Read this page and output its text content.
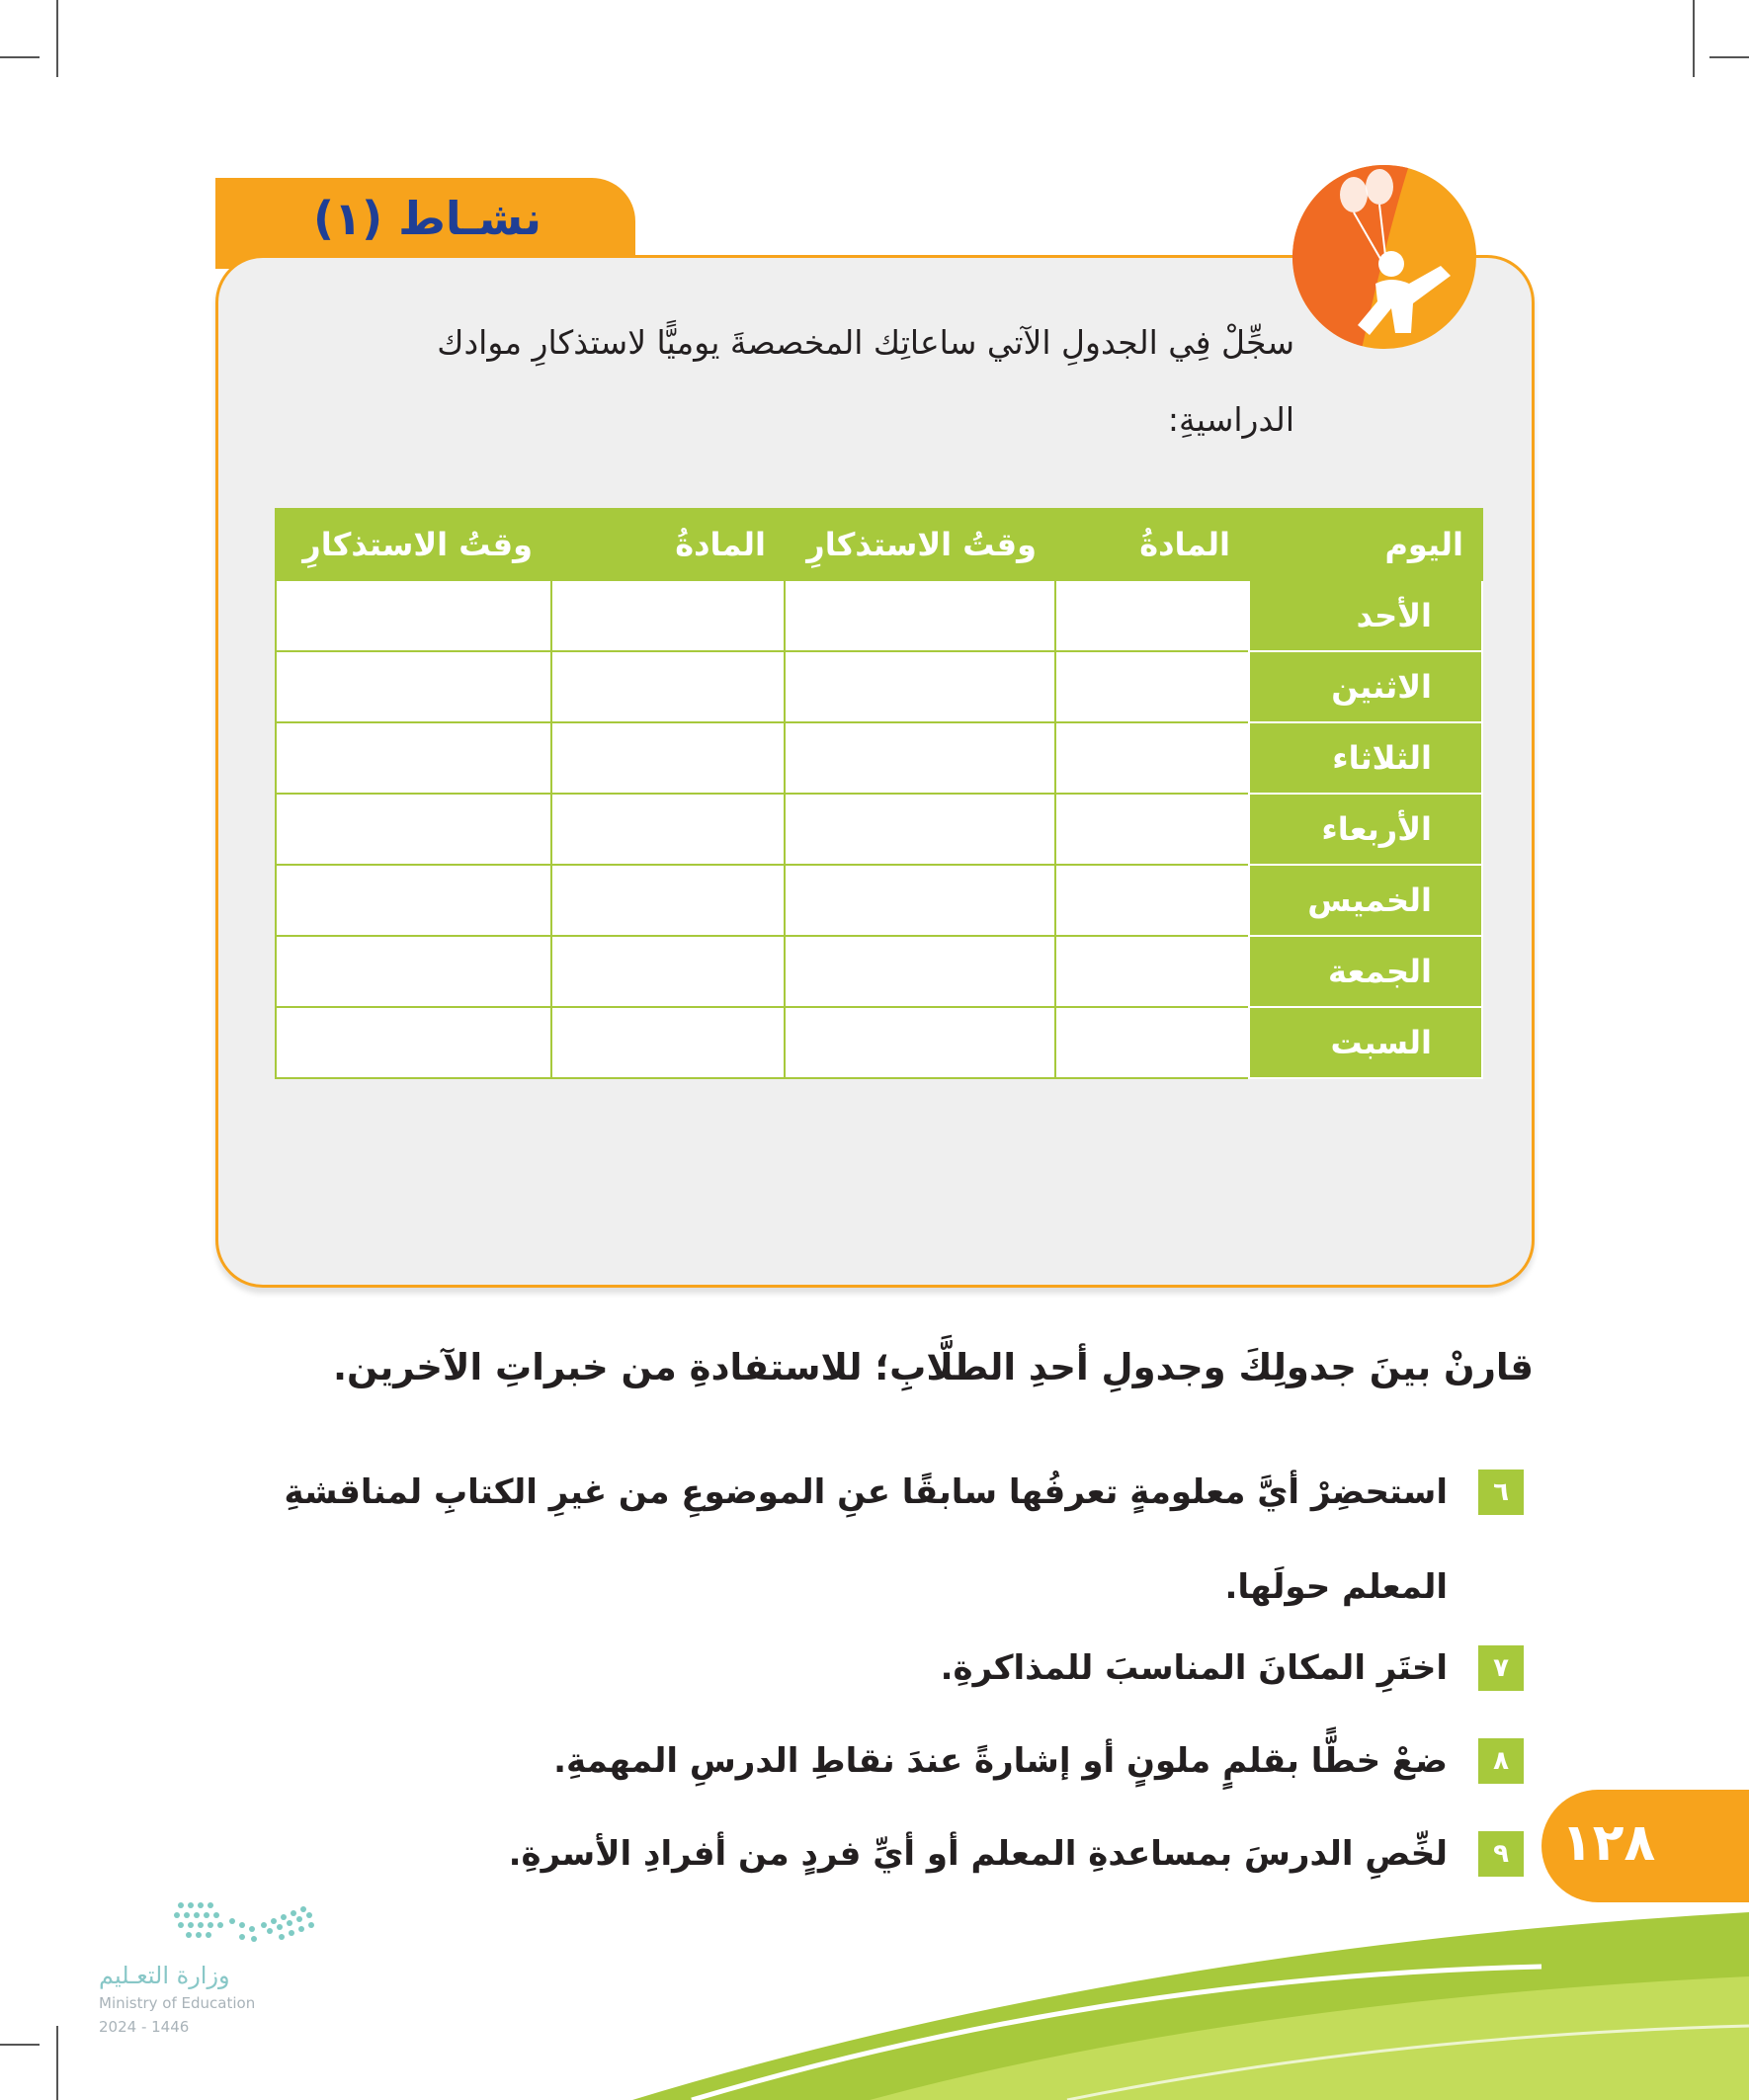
نشـاط (١)
سجِّلْ فِي الجدولِ الآتي ساعاتِك المخصصةَ يوميًّا لاستذكارِ موادك الدراسيةِ:
اليوم	المادةُ	وقتُ الاستذكارِ	المادةُ	وقتُ الاستذكارِ
الأحد				
الاثنين				
الثلاثاء				
الأربعاء				
الخميس				
الجمعة				
السبت				
قارنْ بينَ جدولِكَ وجدولِ أحدِ الطلَّابِ؛ للاستفادةِ من خبراتِ الآخرين.
٦
استحضِرْ أيَّ معلومةٍ تعرفُها سابقًا عنِ الموضوعِ من غيرِ الكتابِ لمناقشةِ المعلم حولَها.
٧
اختَرِ المكانَ المناسبَ للمذاكرةِ.
٨
ضعْ خطًّا بقلمٍ ملونٍ أو إشارةً عندَ نقاطِ الدرسِ المهمةِ.
٩
لخِّصِ الدرسَ بمساعدةِ المعلم أو أيِّ فردٍ من أفرادِ الأسرةِ. ١٢٨
وزارة التعـليم
Ministry of Education
2024 - 1446
